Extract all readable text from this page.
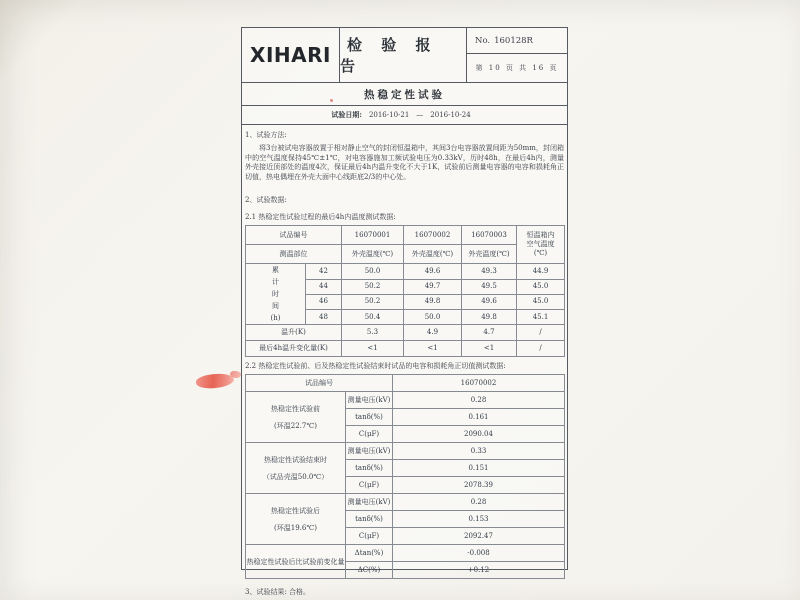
XIHARI	检 验 报 告
No. 160128R
第 10 页 共 16 页
热稳定性试验
试验日期: 2016-10-21 — 2016-10-24
1、试验方法:

将3台被试电容器放置于相对静止空气的封闭恒温箱中，其间3台电容器放置间距为50mm，封闭箱中的空气温度保持45℃±1℃，对电容器施加工频试验电压为0.33kV，历时48h，在最后4h内，测量外壳接近顶部处的温度4次，保证最后4h内温升变化不大于1K，试验前后测量电容器的电容和损耗角正切值，热电偶埋在外壳大面中心线距底2/3的中心处。

2、试验数据:
2.1 热稳定性试验过程的最后4h内温度测试数据:
试品编号		16070001	16070002	16070003	恒温箱内
空气温度
(℃)

测温部位		外壳温度(℃)	外壳温度(℃)	外壳温度(℃)	

累
计
时
间
(h)	42	50.0	49.6	49.3	44.9
	44	50.2	49.7	49.5	45.0
	46	50.2	49.8	49.6	45.0
	48	50.4	50.0	49.8	45.1
温升(K)		5.3	4.9	4.7	/
最后4h温升变化量(K)		<1	<1	<1	/
2.2 热稳定性试验前、后及热稳定性试验结束时试品的电容和损耗角正切值测试数据:
试品编号		16070002

热稳定性试验前
(环温22.7℃)	测量电压(kV)	0.28
	tanδ(%)	0.161
	C(μF)	2090.04

热稳定性试验结束时
（试品壳温50.0℃）	测量电压(kV)	0.33
	tanδ(%)	0.151
	C(μF)	2078.39

热稳定性试验后
(环温19.6℃)	测量电压(kV)	0.28
	tanδ(%)	0.153
	C(μF)	2092.47

热稳定性试验后比试验前变化量	Δtan(%)	-0.008
	ΔC(%)	+0.12
3、试验结果: 合格。
